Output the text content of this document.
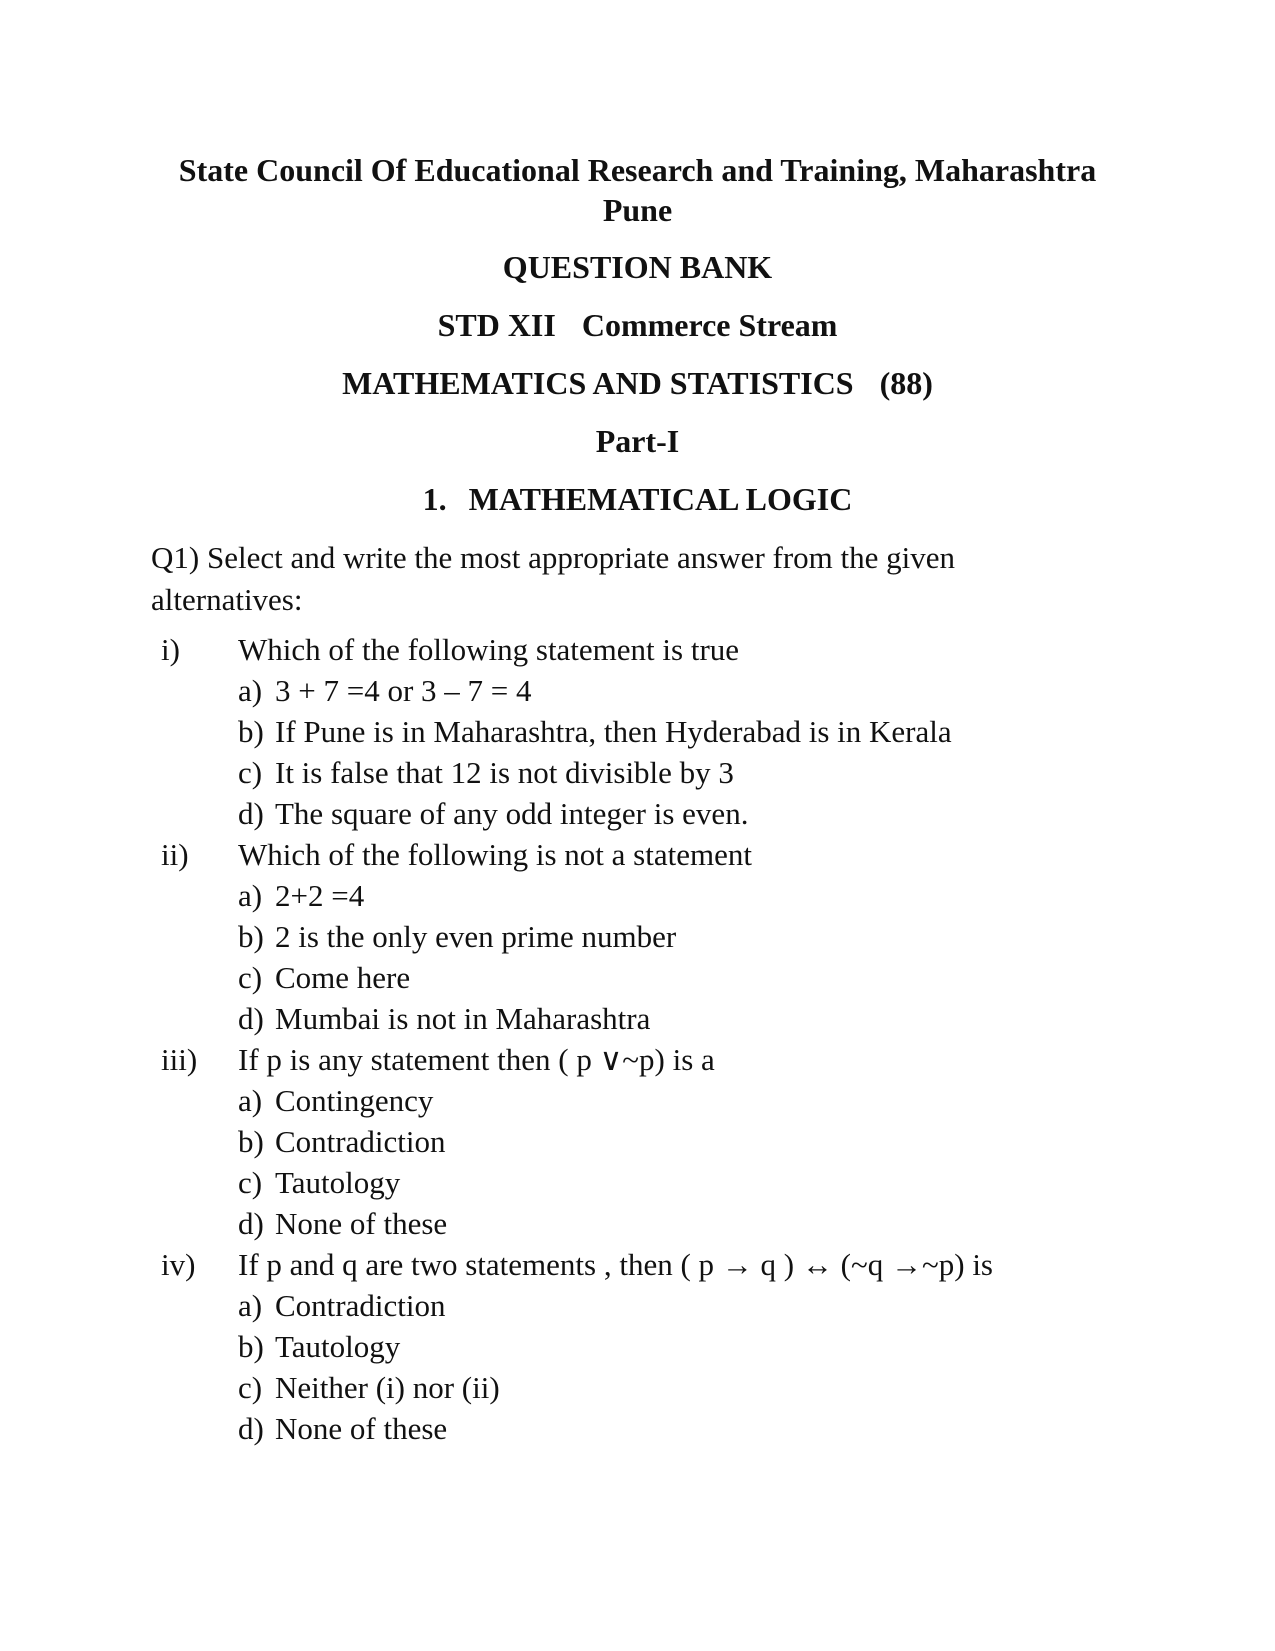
State Council Of Educational Research and Training, Maharashtra
Pune
QUESTION BANK
STD XII Commerce Stream
MATHEMATICS AND STATISTICS (88)
Part-I
1. MATHEMATICAL LOGIC
Q1) Select and write the most appropriate answer from the given
alternatives:
i) Which of the following statement is true
a) 3 + 7 =4 or 3 – 7 = 4
b) If Pune is in Maharashtra, then Hyderabad is in Kerala
c) It is false that 12 is not divisible by 3
d) The square of any odd integer is even.
ii) Which of the following is not a statement
a) 2+2 =4
b) 2 is the only even prime number
c) Come here
d) Mumbai is not in Maharashtra
iii) If p is any statement then ( p ∨~p) is a
a) Contingency
b) Contradiction
c) Tautology
d) None of these
iv) If p and q are two statements , then ( p → q ) ↔ (~q →~p) is
a) Contradiction
b) Tautology
c) Neither (i) nor (ii)
d) None of these
